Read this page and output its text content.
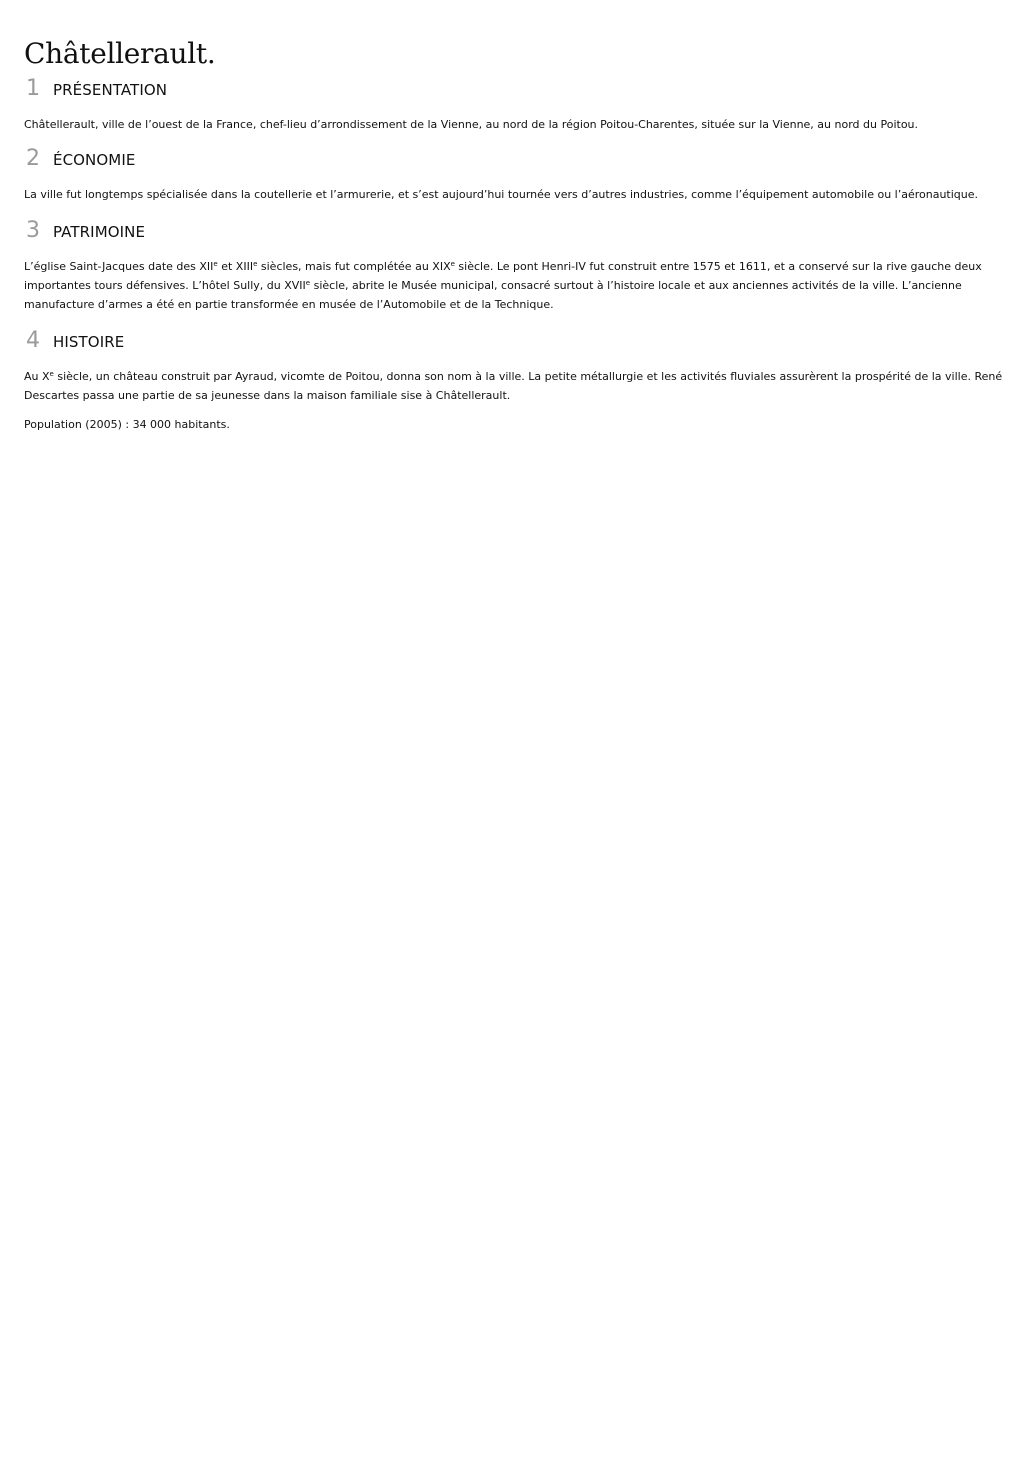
Châtellerault.
1 PRÉSENTATION

Châtellerault, ville de l’ouest de la France, chef-lieu d’arrondissement de la Vienne, au nord de la région Poitou-Charentes, située sur la Vienne, au nord du Poitou.

2 ÉCONOMIE

La ville fut longtemps spécialisée dans la coutellerie et l’armurerie, et s’est aujourd’hui tournée vers d’autres industries, comme l’équipement automobile ou l’aéronautique.

3 PATRIMOINE

L’église Saint-Jacques date des XIIe et XIIIe siècles, mais fut complétée au XIXe siècle. Le pont Henri-IV fut construit entre 1575 et 1611, et a conservé sur la rive gauche deux importantes tours défensives. L’hôtel Sully, du XVIIe siècle, abrite le Musée municipal, consacré surtout à l’histoire locale et aux anciennes activités de la ville. L’ancienne manufacture d’armes a été en partie transformée en musée de l’Automobile et de la Technique.

4 HISTOIRE

Au Xe siècle, un château construit par Ayraud, vicomte de Poitou, donna son nom à la ville. La petite métallurgie et les activités fluviales assurèrent la prospérité de la ville. René Descartes passa une partie de sa jeunesse dans la maison familiale sise à Châtellerault.

Population (2005) : 34 000 habitants.
